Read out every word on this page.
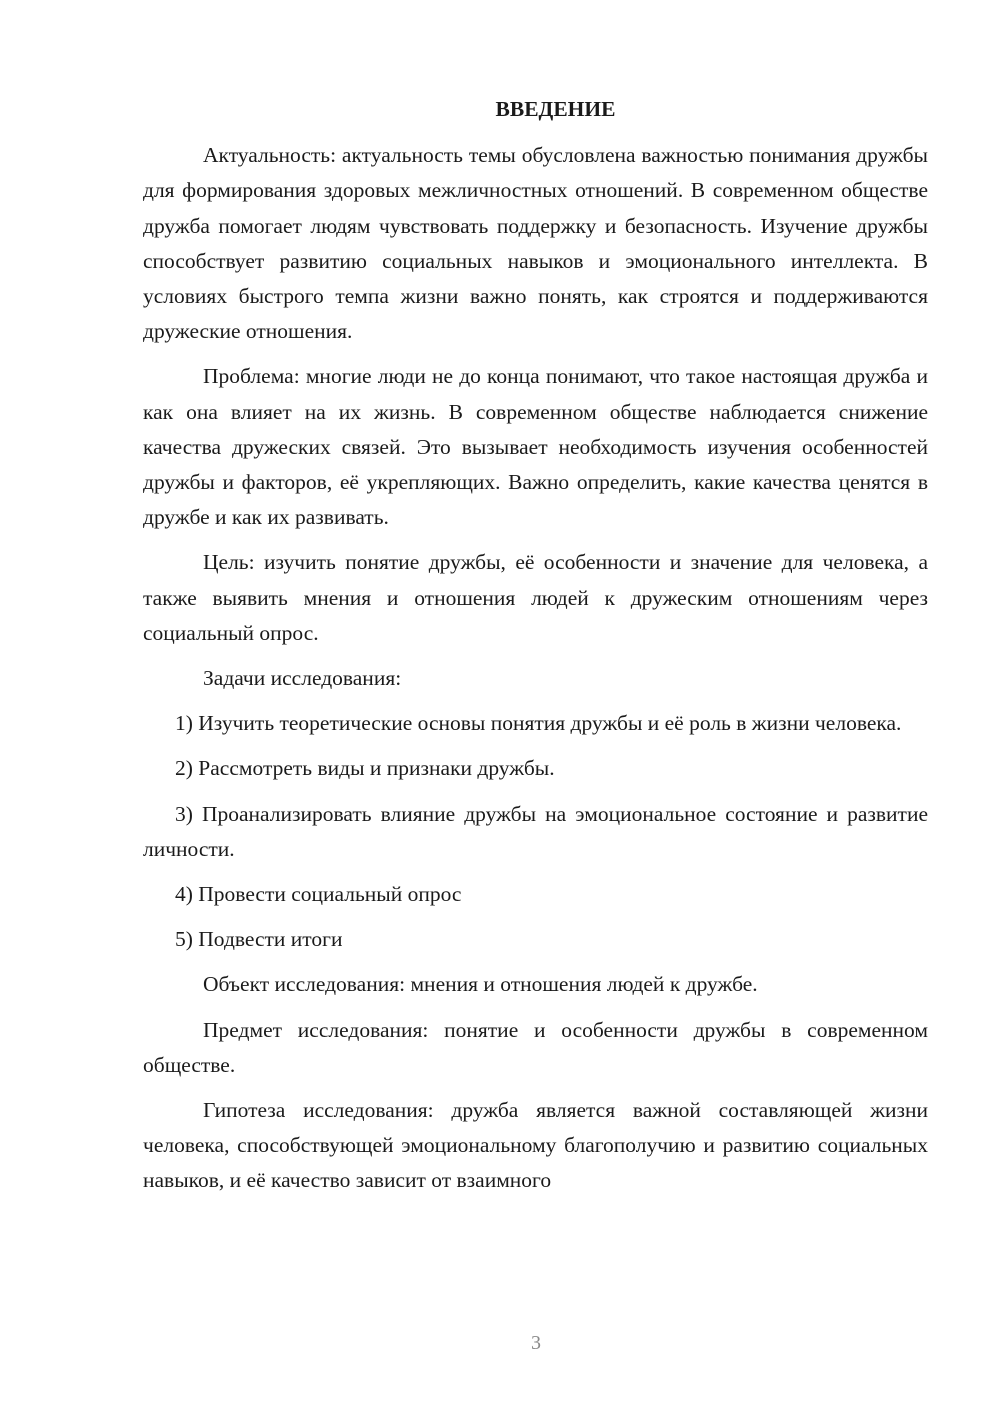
ВВЕДЕНИЕ

Актуальность: актуальность темы обусловлена важностью понимания дружбы для формирования здоровых межличностных отношений. В современном обществе дружба помогает людям чувствовать поддержку и безопасность. Изучение дружбы способствует развитию социальных навыков и эмоционального интеллекта. В условиях быстрого темпа жизни важно понять, как строятся и поддерживаются дружеские отношения.

Проблема: многие люди не до конца понимают, что такое настоящая дружба и как она влияет на их жизнь. В современном обществе наблюдается снижение качества дружеских связей. Это вызывает необходимость изучения особенностей дружбы и факторов, её укрепляющих. Важно определить, какие качества ценятся в дружбе и как их развивать.

Цель: изучить понятие дружбы, её особенности и значение для человека, а также выявить мнения и отношения людей к дружеским отношениям через социальный опрос.

Задачи исследования:

1) Изучить теоретические основы понятия дружбы и её роль в жизни человека.

2) Рассмотреть виды и признаки дружбы.

3) Проанализировать влияние дружбы на эмоциональное состояние и развитие личности.

4) Провести социальный опрос

5) Подвести итоги

Объект исследования: мнения и отношения людей к дружбе.

Предмет исследования: понятие и особенности дружбы в современном обществе.

Гипотеза исследования: дружба является важной составляющей жизни человека, способствующей эмоциональному благополучию и развитию социальных навыков, и её качество зависит от взаимного

3
